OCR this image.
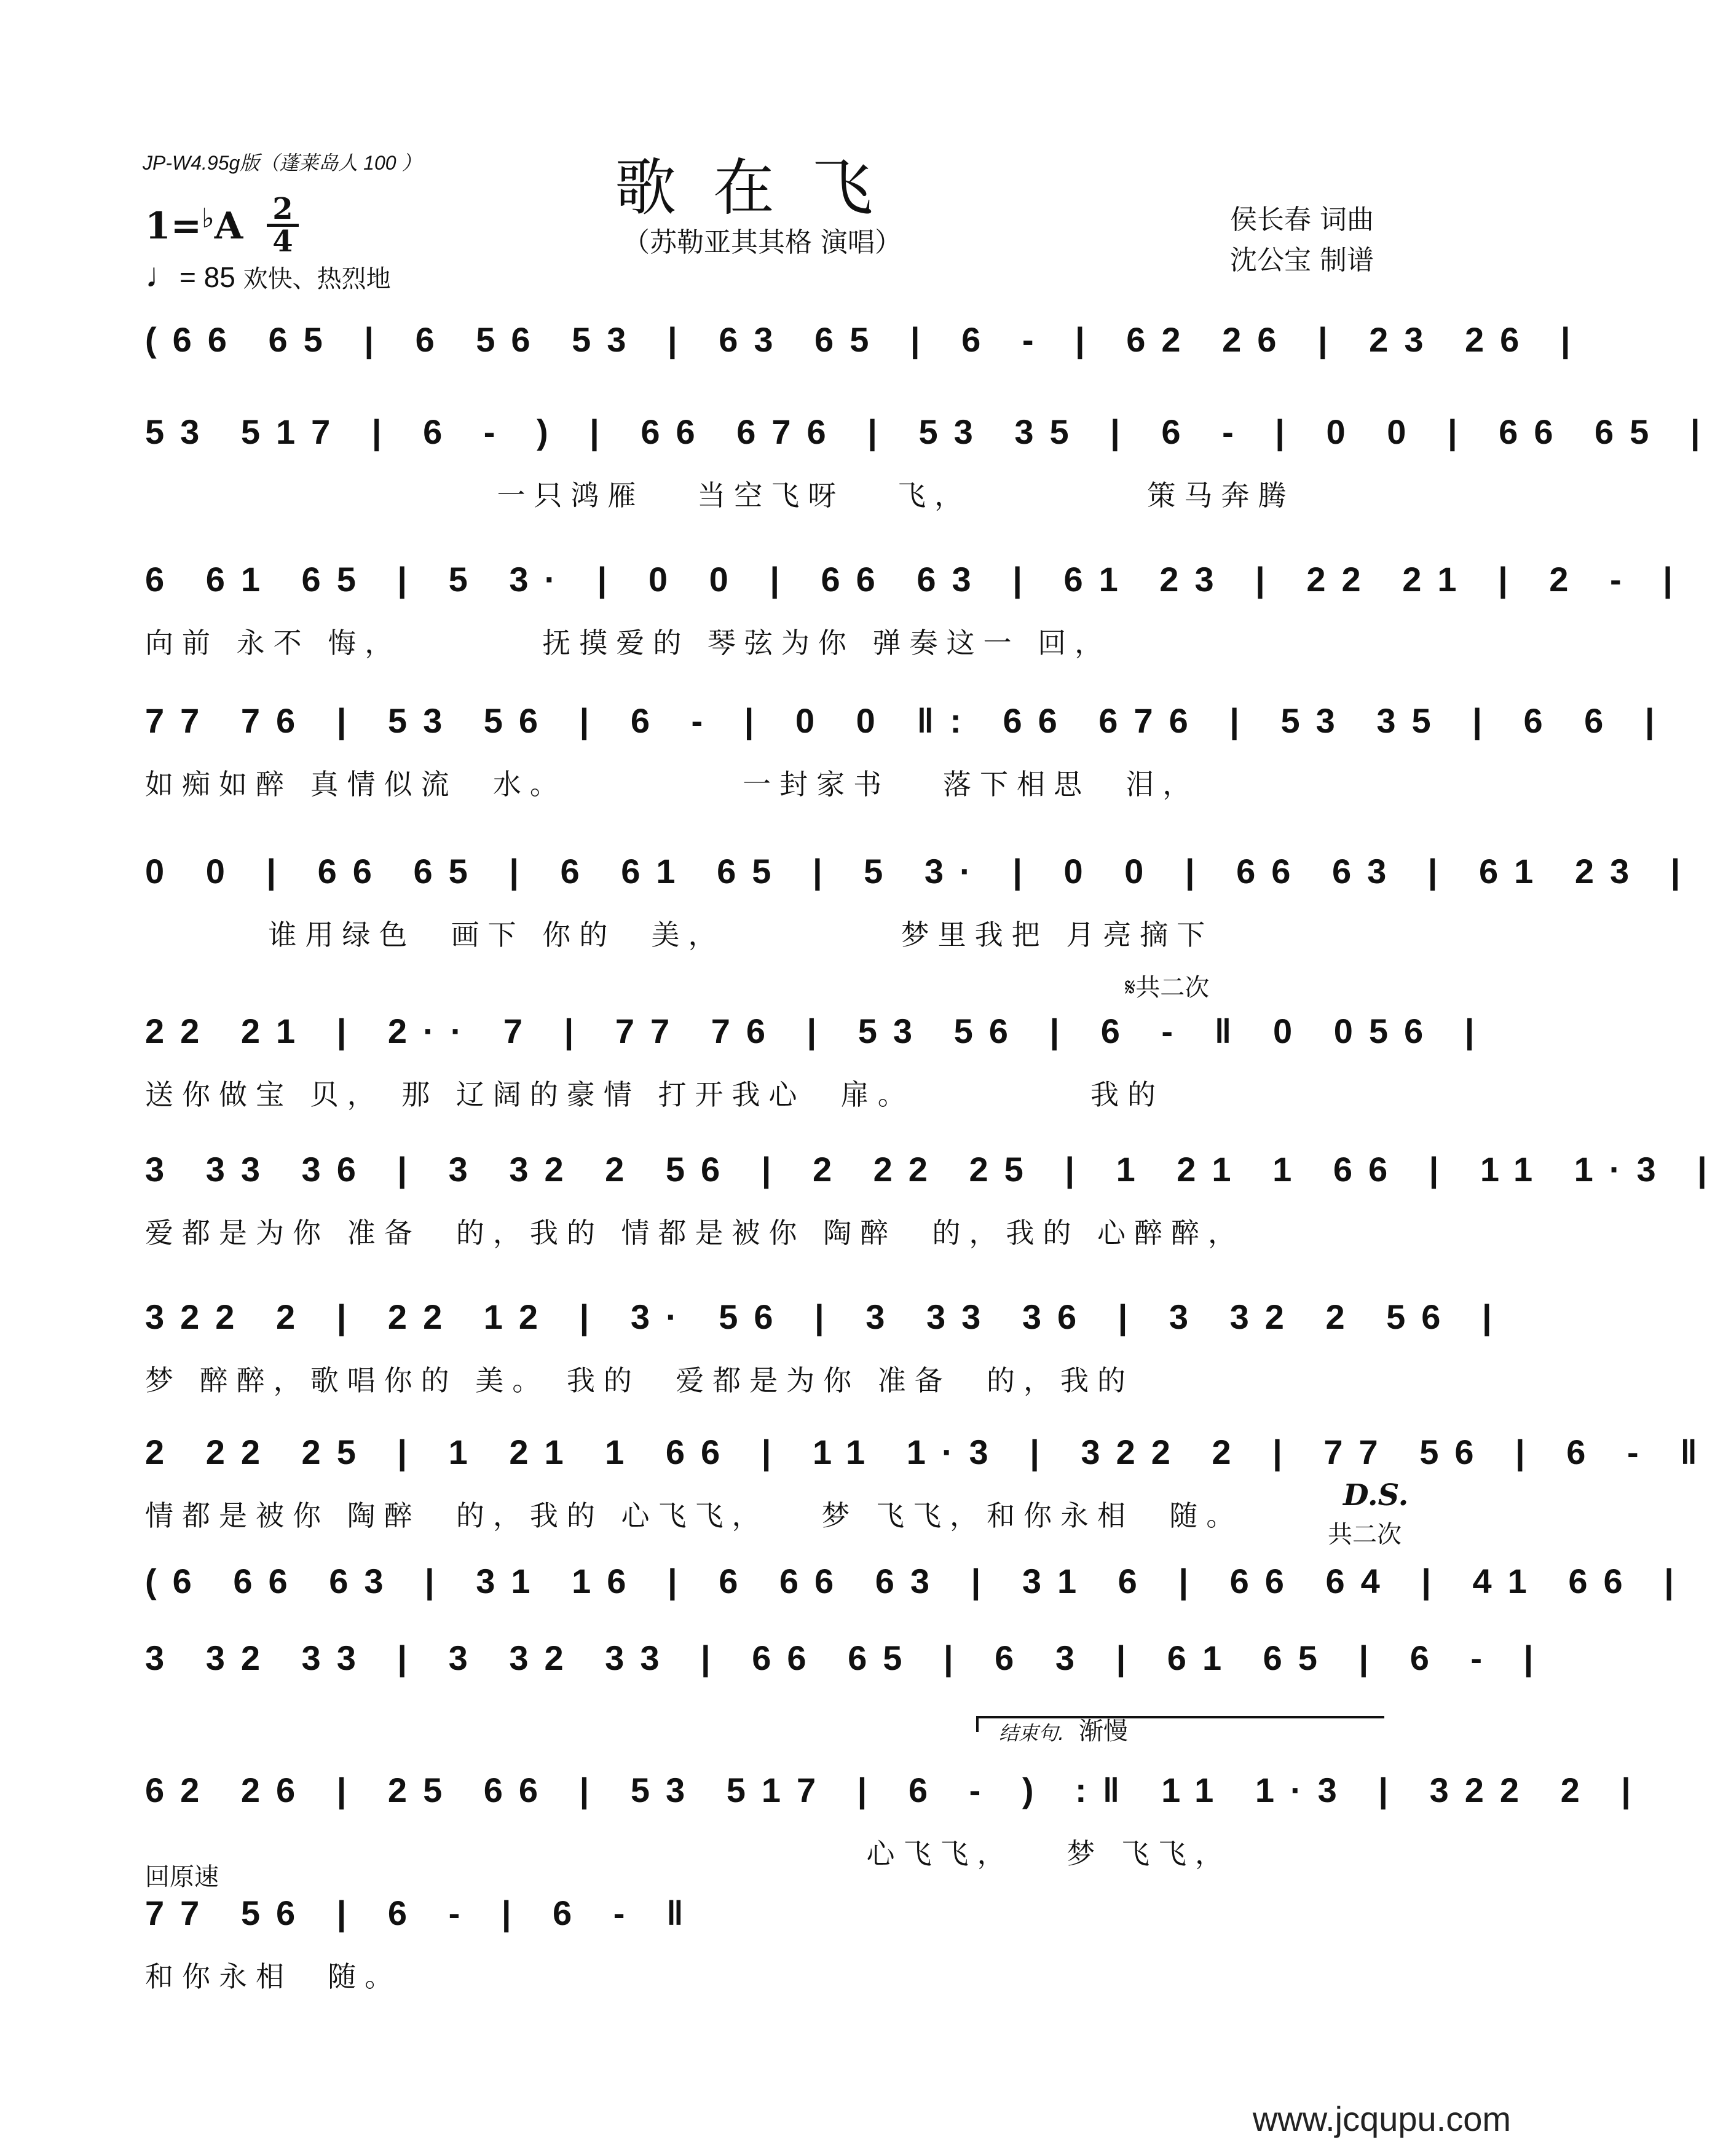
JP-W4.95g版（蓬莱岛人 100 ）	歌在飞
（苏勒亚其其格 演唱）
侯长春 词曲
沈公宝 制谱
1=♭A 2
4
♩= 85 欢快、热烈地
(66 65 | 6 56 53 | 63 65 | 6 - | 62 26 | 23 26 |
53 517 | 6 - ) | 66 676 | 53 35 | 6 - | 0 0 | 66 65 |
一只鸿雁   当空飞呀   飞，          策马奔腾
6 61 65 | 5 3· | 0 0 | 66 63 | 61 23 | 22 21 | 2 - |
向前 永不 悔，        抚摸爱的 琴弦为你 弹奏这一 回，
77 76 | 53 56 | 6 - | 0 0 ‖: 66 676 | 53 35 | 6 6 |
如痴如醉 真情似流  水。          一封家书   落下相思  泪，
0 0 | 66 65 | 6 61 65 | 5 3· | 0 0 | 66 63 | 61 23 |
谁用绿色  画下 你的  美，          梦里我把 月亮摘下
22 21 | 2·· 7 | 77 76 | 53 56 | 6 - ‖ 0 056 |
送你做宝 贝， 那 辽阔的豪情 打开我心  扉。          我的
3 33 36 | 3 32 2 56 | 2 22 25 | 1 21 1 66 | 11 1·3 |
爱都是为你 准备  的，我的 情都是被你 陶醉  的，我的 心醉醉，
322 2 | 22 12 | 3· 56 | 3 33 36 | 3 32 2 56 |
梦 醉醉，歌唱你的 美。 我的  爱都是为你 准备  的，我的
2 22 25 | 1 21 1 66 | 11 1·3 | 322 2 | 77 56 | 6 - ‖
情都是被你 陶醉  的，我的 心飞飞，   梦 飞飞，和你永相  随。
(6 66 63 | 31 16 | 6 66 63 | 31 6 | 66 64 | 41 66 |
3 32 33 | 3 32 33 | 66 65 | 6 3 | 61 65 | 6 - |
62 26 | 25 66 | 53 517 | 6 - ) :‖ 11 1·3 | 322 2 |
心飞飞，   梦 飞飞，
77 56 | 6 - | 6 - ‖
和你永相  随。
𝄋共二次
D.S.
共二次
结束句. 渐慢
回原速
www.jcqupu.com
